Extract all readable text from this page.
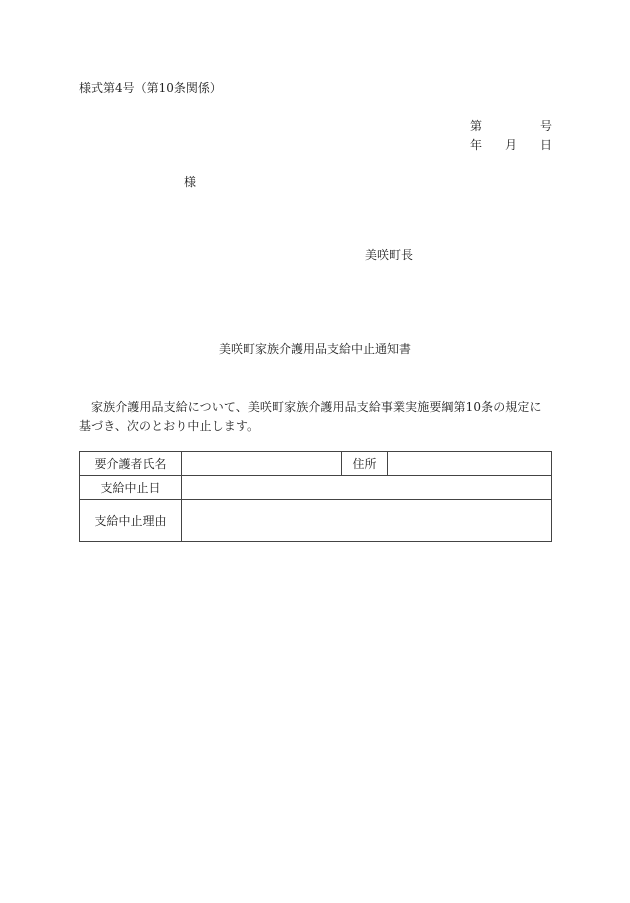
様式第4号（第10条関係）
第	号
年 月 日
様
美咲町長
美咲町家族介護用品支給中止通知書
家族介護用品支給について、美咲町家族介護用品支給事業実施要綱第10条の規定に基づき、次のとおり中止します。
要介護者氏名		住所	
支給中止日			
支給中止理由			
